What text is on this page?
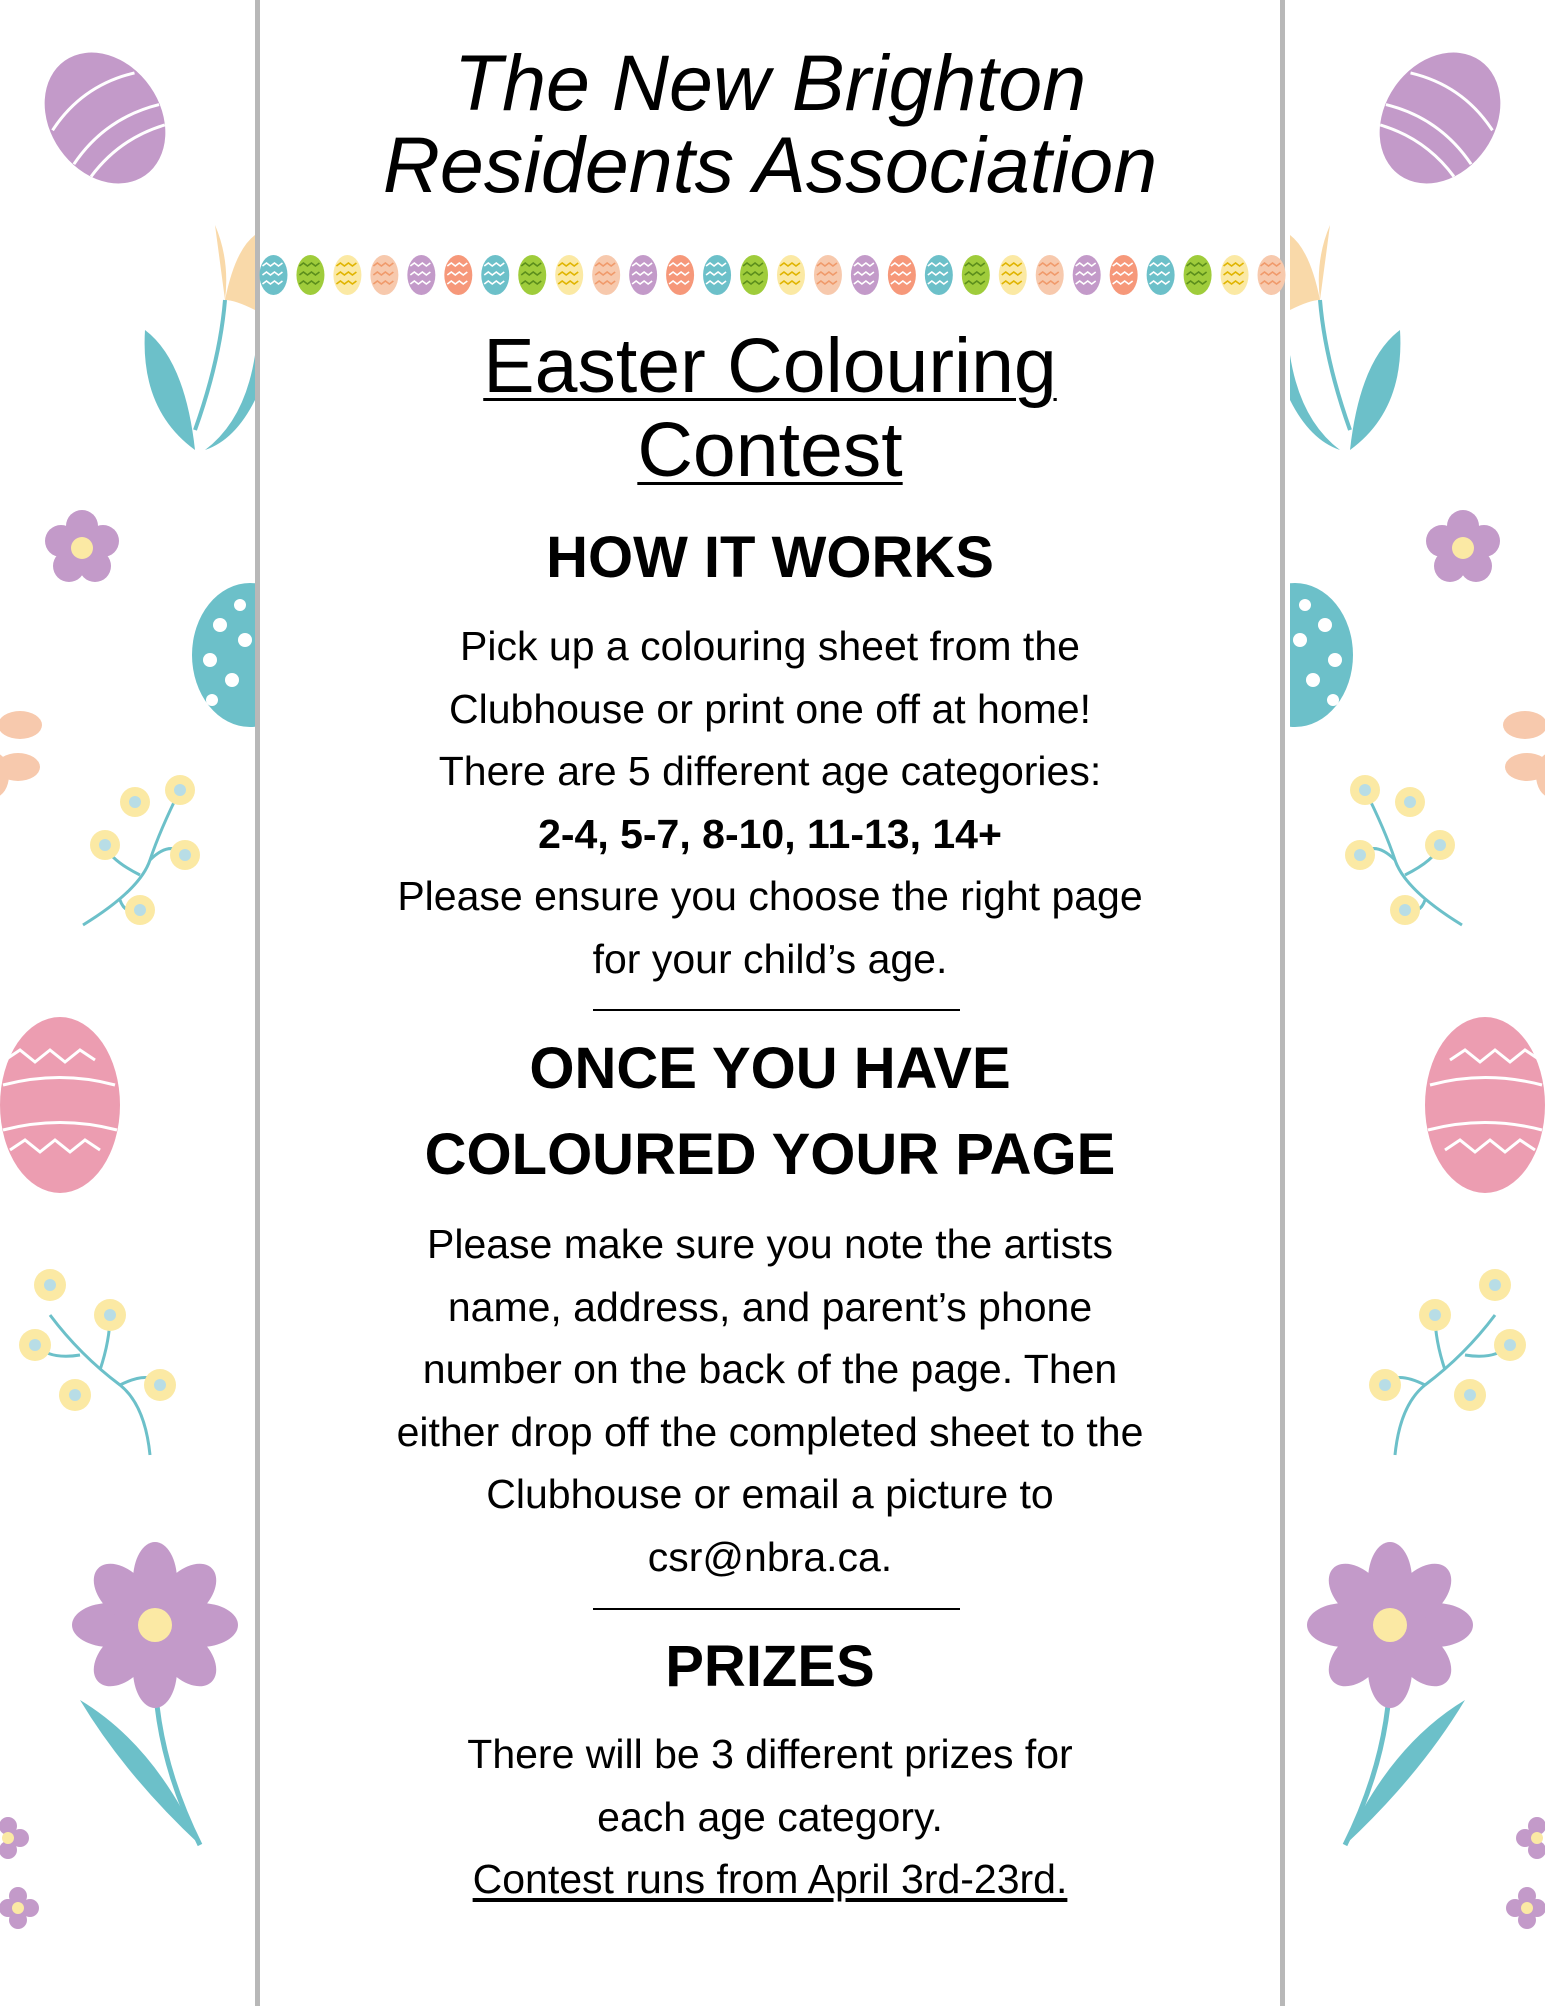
The New Brighton
Residents Association
Easter Colouring
Contest
HOW IT WORKS
Pick up a colouring sheet from the
Clubhouse or print one off at home!
There are 5 different age categories:
2-4, 5-7, 8-10, 11-13, 14+
Please ensure you choose the right page
for your child’s age.
ONCE YOU HAVE
COLOURED YOUR PAGE
Please make sure you note the artists
name, address, and parent’s phone
number on the back of the page. Then
either drop off the completed sheet to the
Clubhouse or email a picture to
csr@nbra.ca.
PRIZES
There will be 3 different prizes for
each age category.
Contest runs from April 3rd-23rd.
